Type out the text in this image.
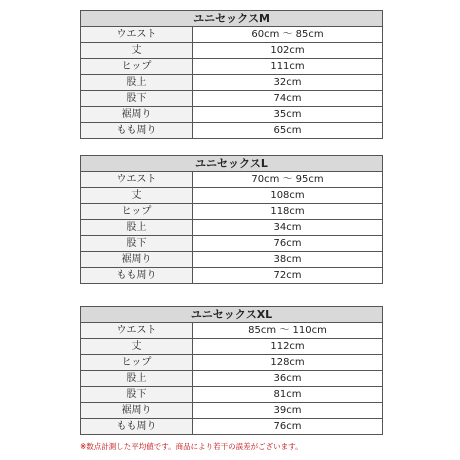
ユニセックスM	
ウエスト	60cm 〜 85cm
丈	102cm
ヒップ	111cm
股上	32cm
股下	74cm
裾周り	35cm
もも周り	65cm
ユニセックスL	
ウエスト	70cm 〜 95cm
丈	108cm
ヒップ	118cm
股上	34cm
股下	76cm
裾周り	38cm
もも周り	72cm
ユニセックスXL	
ウエスト	85cm 〜 110cm
丈	112cm
ヒップ	128cm
股上	36cm
股下	81cm
裾周り	39cm
もも周り	76cm
※数点計測した平均値です。商品により若干の誤差がございます。
